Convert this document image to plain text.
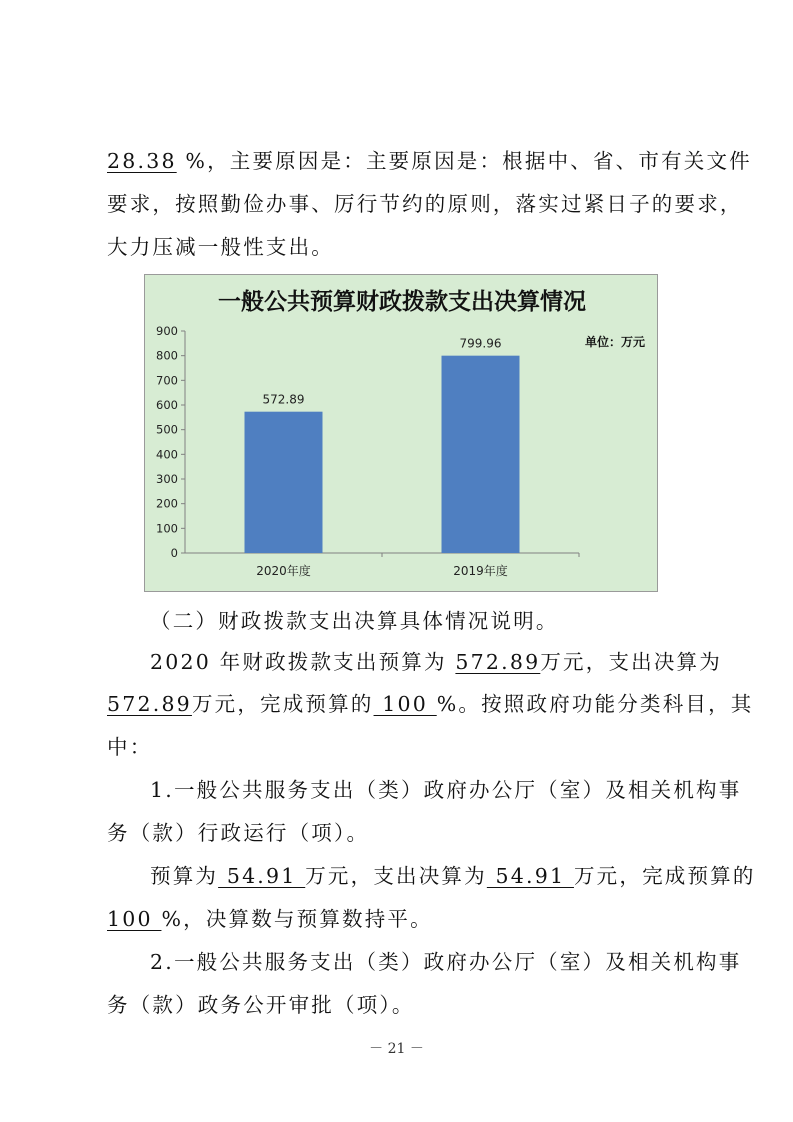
28.38 %，主要原因是：主要原因是：根据中、省、市有关文件
要求，按照勤俭办事、厉行节约的原则，落实过紧日子的要求，
大力压减一般性支出。
一般公共预算财政拨款支出决算情况
单位：万元
0
100
200
300
400
500
600
700
800
900
572.89
2020年度
799.96
2019年度
（二）财政拨款支出决算具体情况说明。
2020 年财政拨款支出预算为 572.89万元，支出决算为
572.89万元，完成预算的 100 %。按照政府功能分类科目，其
中：
1.一般公共服务支出（类）政府办公厅（室）及相关机构事
务（款）行政运行（项）。
预算为 54.91 万元，支出决算为 54.91 万元，完成预算的
100 %，决算数与预算数持平。
2.一般公共服务支出（类）政府办公厅（室）及相关机构事
务（款）政务公开审批（项）。
－ 21 －
